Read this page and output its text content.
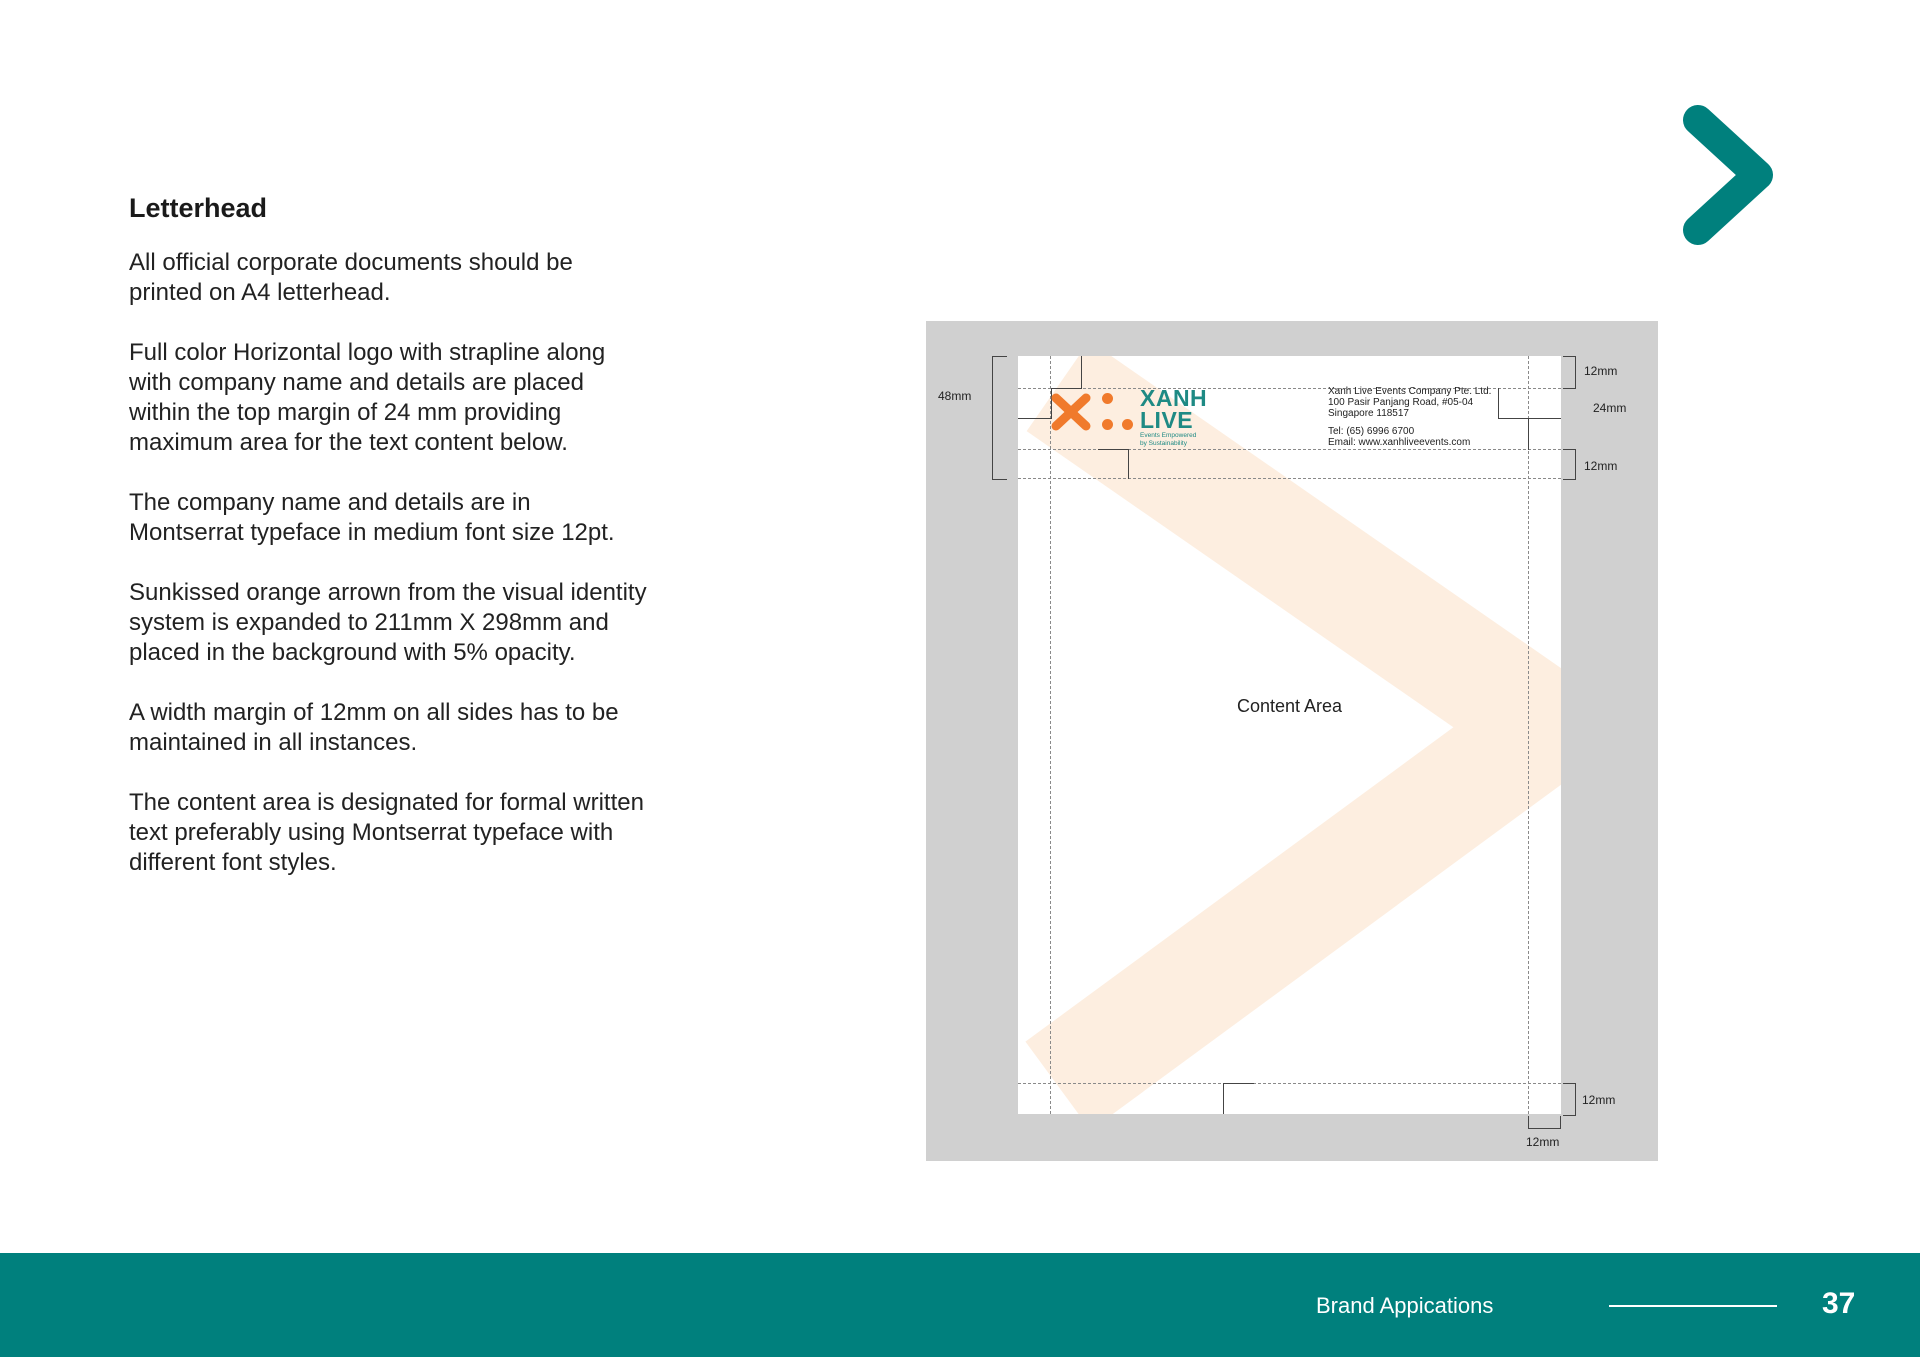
Letterhead

All official corporate documents should be printed on A4 letterhead.

Full color Horizontal logo with strapline along with company name and details are placed within the top margin of 24 mm providing maximum area for the text content below.

The company name and details are in Montserrat typeface in medium font size 12pt.

Sunkissed orange arrown from the visual identity system is expanded to 211mm X 298mm and placed in the background with 5% opacity.

A width margin of 12mm on all sides has to be maintained in all instances.

The content area is designated for formal written text preferably using Montserrat typeface with different font styles.

XANH
LIVE
Events Empowered
by Sustainability
Xanh Live Events Company Pte. Ltd.
100 Pasir Panjang Road, #05-04
Singapore 118517
Tel: (65) 6996 6700
Email: www.xanhliveevents.com
Content Area
48mm
12mm
24mm
12mm
12mm
12mm
Brand Appications	37
